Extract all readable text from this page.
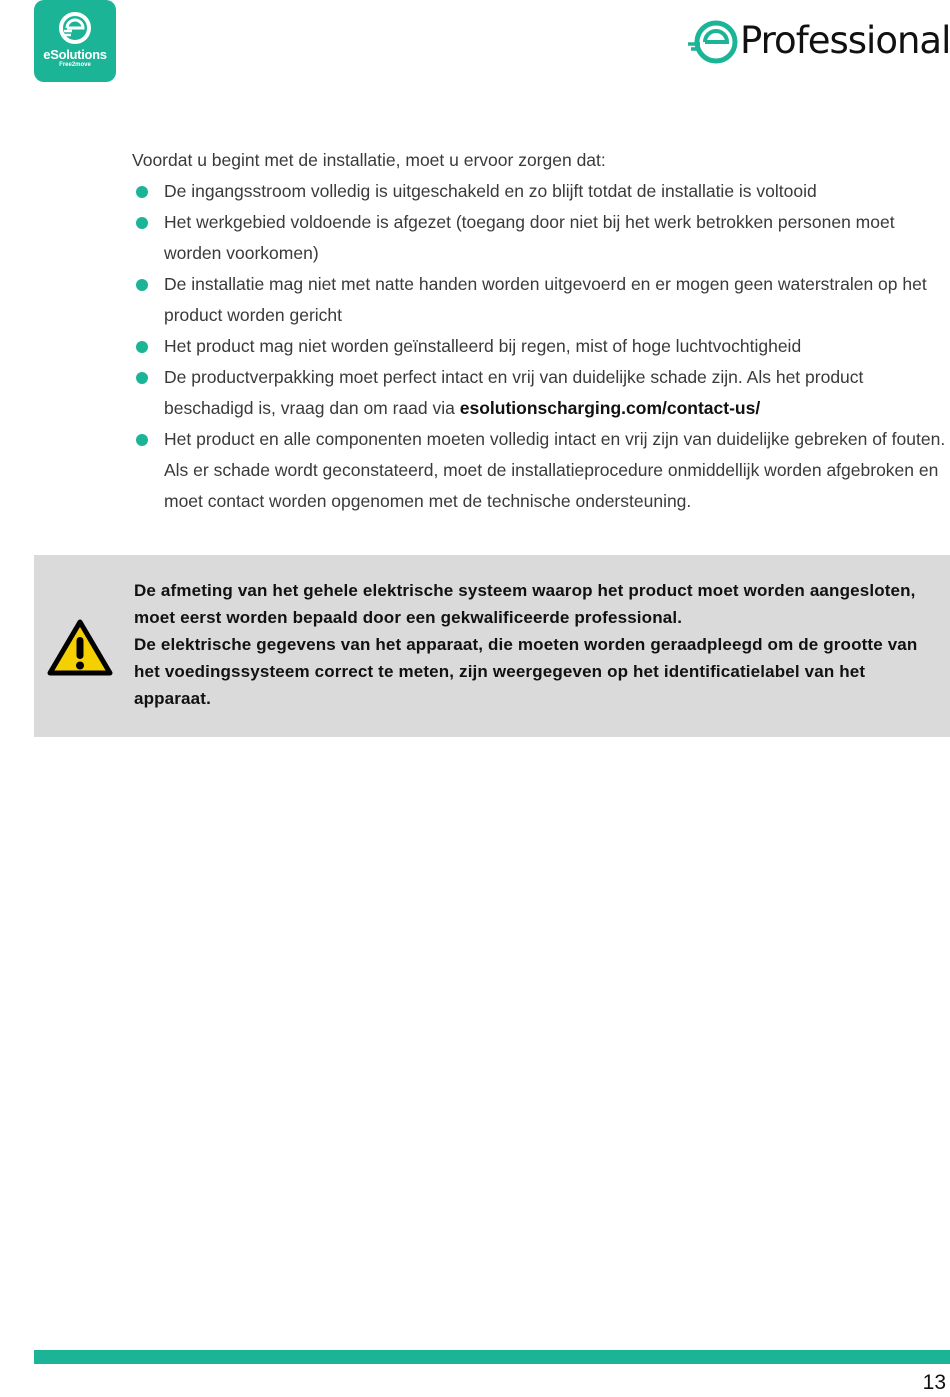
eSolutions
Free2move
Professional

Voordat u begint met de installatie, moet u ervoor zorgen dat:

De ingangsstroom volledig is uitgeschakeld en zo blijft totdat de installatie is voltooid
Het werkgebied voldoende is afgezet (toegang door niet bij het werk betrokken personen moet worden voorkomen)
De installatie mag niet met natte handen worden uitgevoerd en er mogen geen waterstralen op het product worden gericht
Het product mag niet worden geïnstalleerd bij regen, mist of hoge luchtvochtigheid
De productverpakking moet perfect intact en vrij van duidelijke schade zijn. Als het product beschadigd is, vraag dan om raad via esolutionscharging.com/contact-us/
Het product en alle componenten moeten volledig intact en vrij zijn van duidelijke gebreken of fouten. Als er schade wordt geconstateerd, moet de installatieprocedure onmiddellijk worden afgebroken en moet contact worden opgenomen met de technische ondersteuning.

De afmeting van het gehele elektrische systeem waarop het product moet worden aangesloten, moet eerst worden bepaald door een gekwalificeerde professional.

De elektrische gegevens van het apparaat, die moeten worden geraadpleegd om de grootte van het voedingssysteem correct te meten, zijn weergegeven op het identificatielabel van het apparaat.

13
